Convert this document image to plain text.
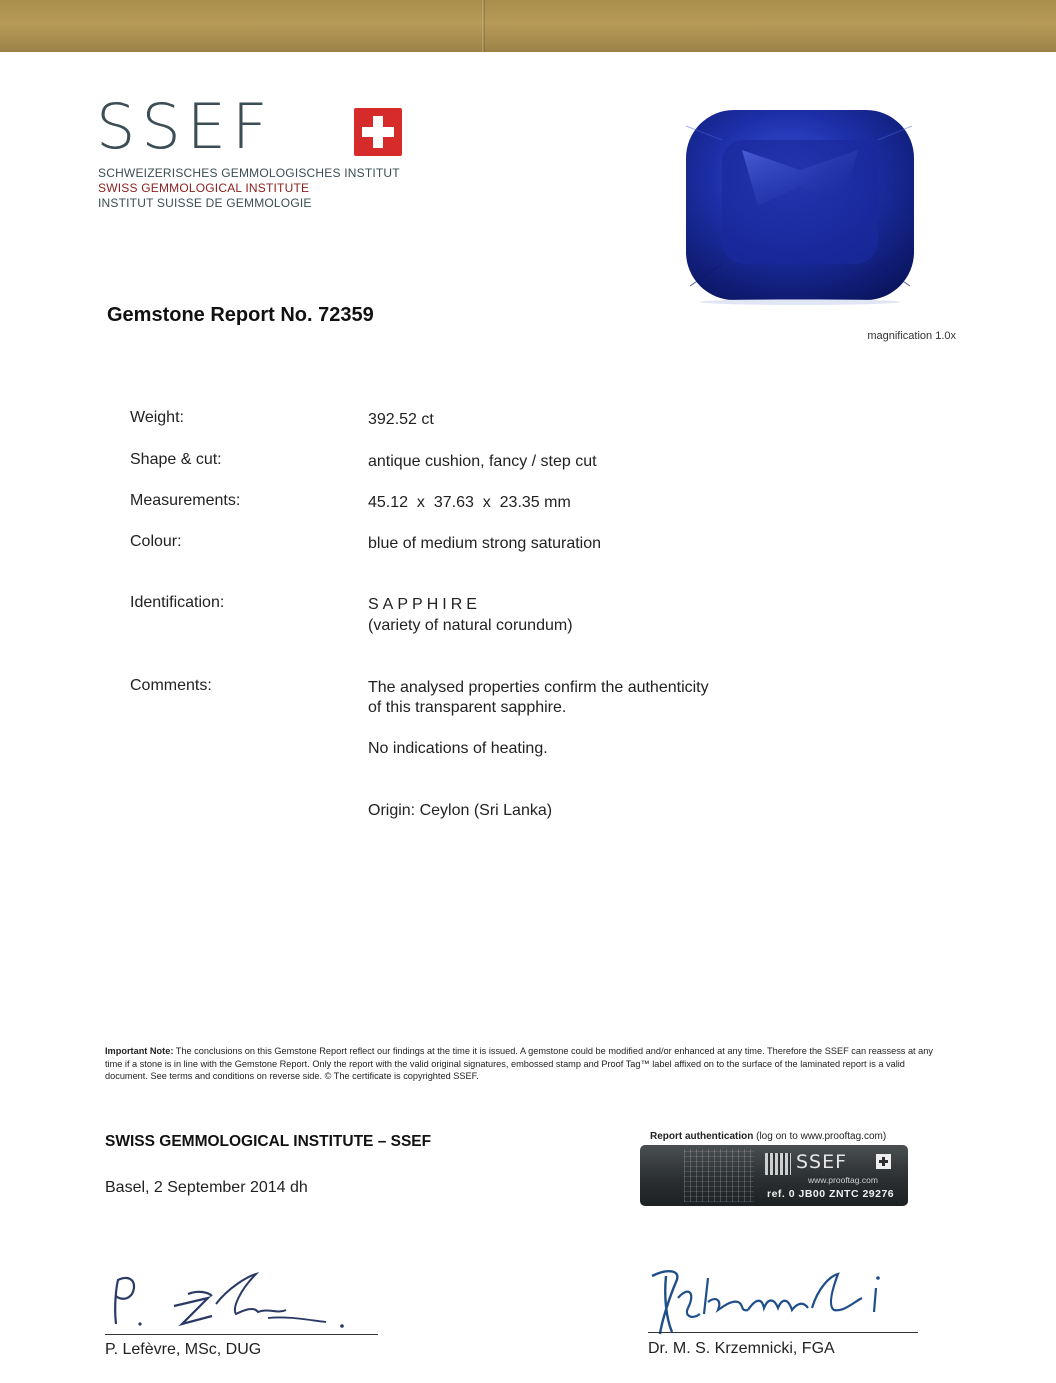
SSEF
SCHWEIZERISCHES GEMMOLOGISCHES INSTITUT
SWISS GEMMOLOGICAL INSTITUTE
INSTITUT SUISSE DE GEMMOLOGIE
magnification 1.0x
Gemstone Report No. 72359
Weight:	392.52 ct
Shape & cut:	antique cushion, fancy / step cut
Measurements:	45.12  x  37.63  x  23.35 mm
Colour:	blue of medium strong saturation
Identification:	SAPPHIRE
(variety of natural corundum)
Comments:	The analysed properties confirm the authenticity
of this transparent sapphire.
No indications of heating.
Origin: Ceylon (Sri Lanka)
Important Note: The conclusions on this Gemstone Report reflect our findings at the time it is issued. A gemstone could be modified and/or enhanced at any time. Therefore the SSEF can reassess at any time if a stone is in line with the Gemstone Report. Only the report with the valid original signatures, embossed stamp and Proof Tag™ label affixed on to the surface of the laminated report is a valid document. See terms and conditions on reverse side. © The certificate is copyrighted SSEF.
SWISS GEMMOLOGICAL INSTITUTE – SSEF
Basel, 2 September 2014 dh
Report authentication (log on to www.prooftag.com)
SSEF
www.prooftag.com
ref. 0 JB00 ZNTC 29276
P. Lefèvre, MSc, DUG	Dr. M. S. Krzemnicki, FGA
